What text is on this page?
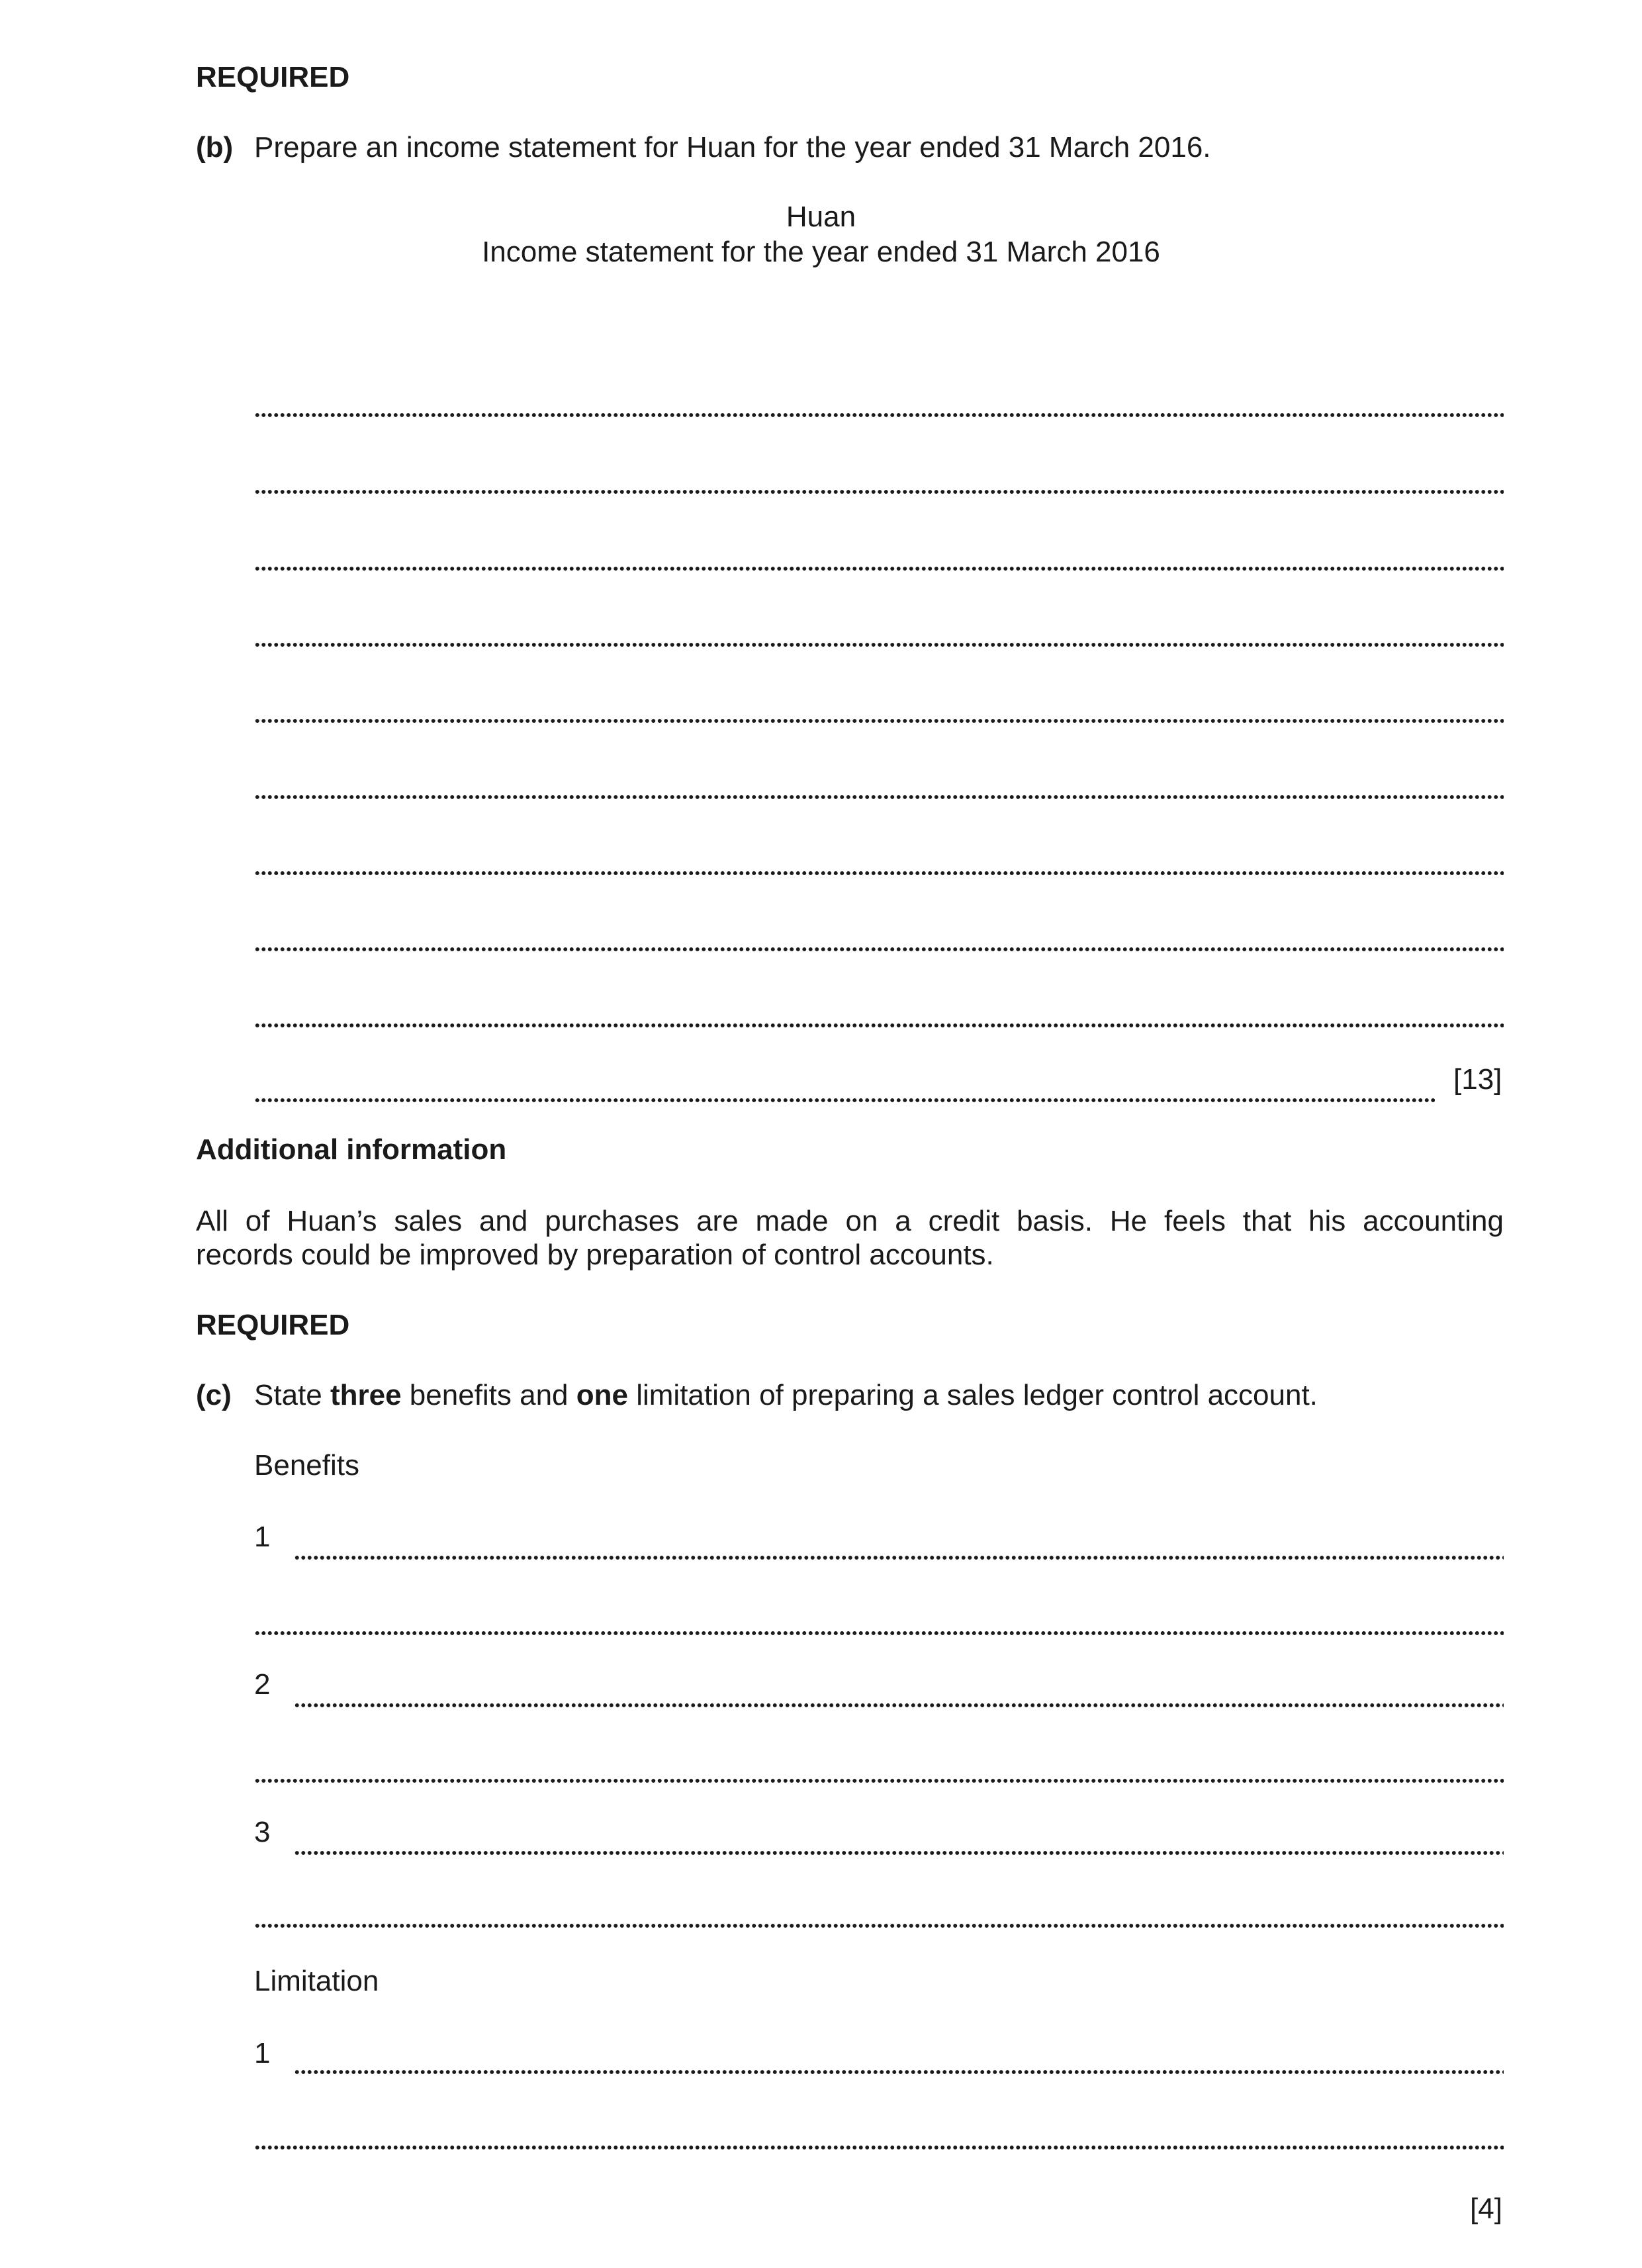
REQUIRED
(b) Prepare an income statement for Huan for the year ended 31 March 2016.
Huan
Income statement for the year ended 31 March 2016
[13]
Additional information
All of Huan’s sales and purchases are made on a credit basis. He feels that his accounting
records could be improved by preparation of control accounts.
REQUIRED
(c) State three benefits and one limitation of preparing a sales ledger control account.
Benefits
1
2
3
Limitation
1
[4]
